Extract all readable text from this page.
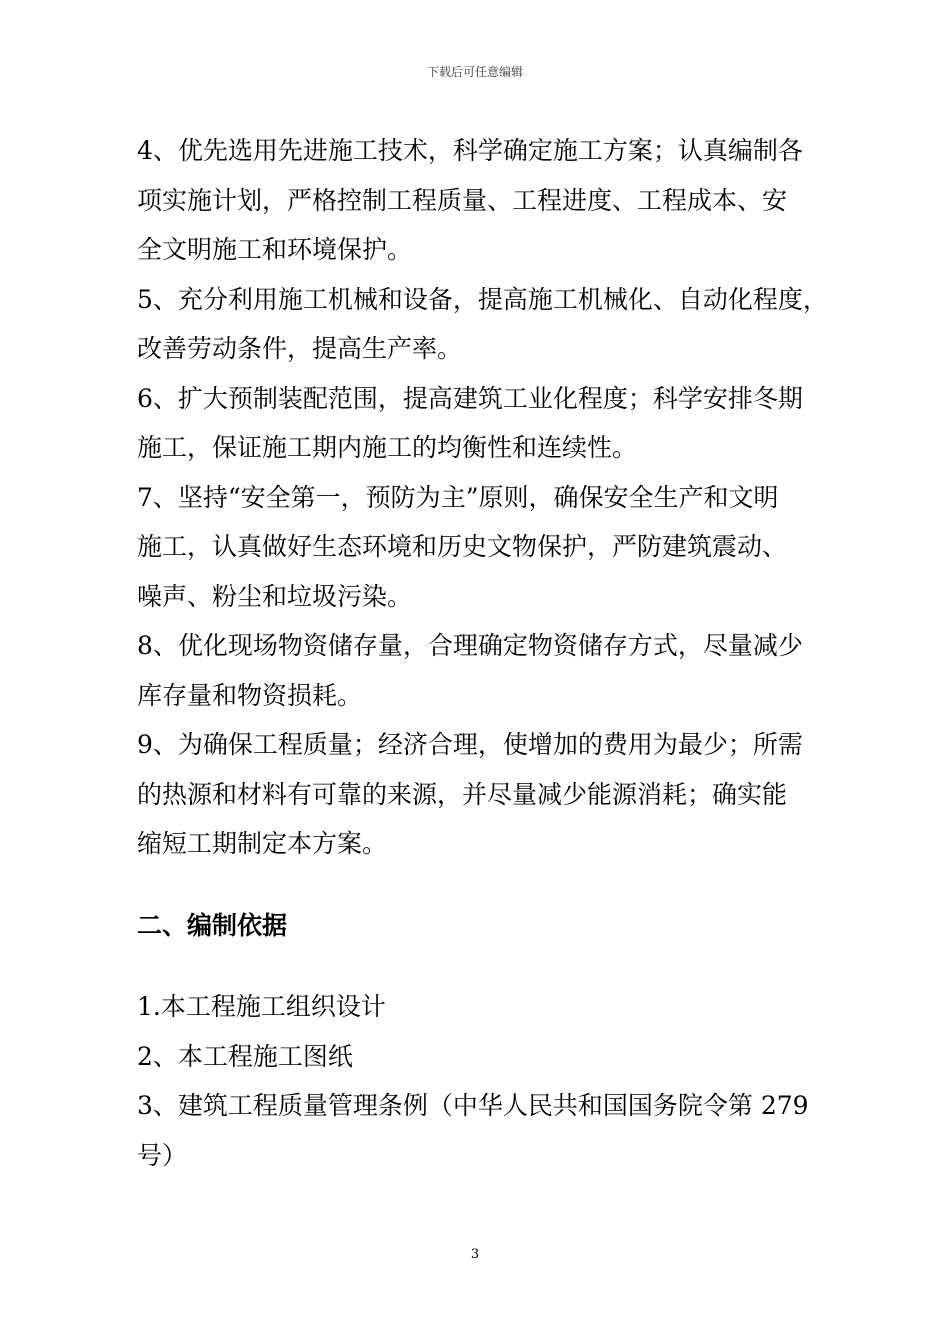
下载后可任意编辑

4、优先选用先进施工技术，科学确定施工方案；认真编制各

项实施计划，严格控制工程质量、工程进度、工程成本、安

全文明施工和环境保护。

5、充分利用施工机械和设备，提高施工机械化、自动化程度，

改善劳动条件，提高生产率。

6、扩大预制装配范围，提高建筑工业化程度；科学安排冬期

施工，保证施工期内施工的均衡性和连续性。

7、坚持“安全第一，预防为主”原则，确保安全生产和文明

施工，认真做好生态环境和历史文物保护，严防建筑震动、

噪声、粉尘和垃圾污染。

8、优化现场物资储存量，合理确定物资储存方式，尽量减少

库存量和物资损耗。

9、为确保工程质量；经济合理，使增加的费用为最少；所需

的热源和材料有可靠的来源，并尽量减少能源消耗；确实能

缩短工期制定本方案。

二、编制依据

1.本工程施工组织设计

2、本工程施工图纸

3、建筑工程质量管理条例（中华人民共和国国务院令第 279

号）

3
